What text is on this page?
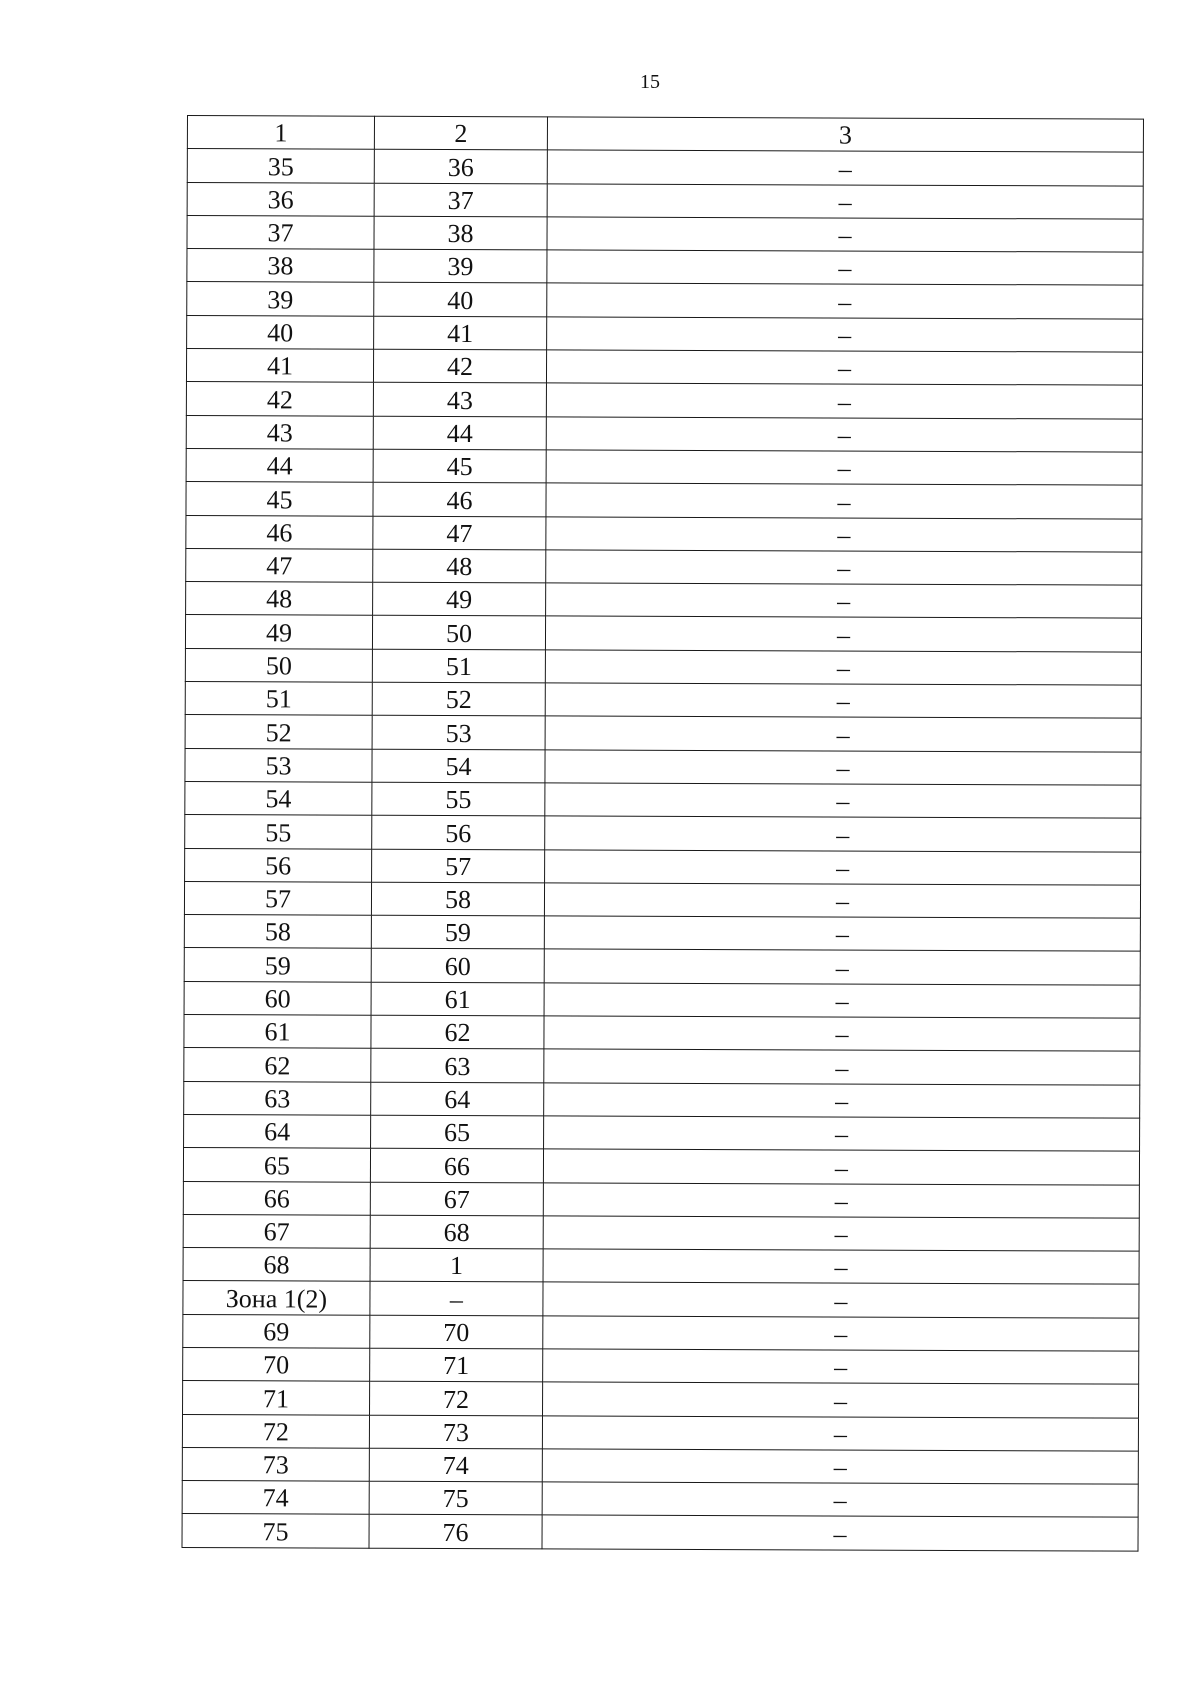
15
1	2	3
35	36	–
36	37	–
37	38	–
38	39	–
39	40	–
40	41	–
41	42	–
42	43	–
43	44	–
44	45	–
45	46	–
46	47	–
47	48	–
48	49	–
49	50	–
50	51	–
51	52	–
52	53	–
53	54	–
54	55	–
55	56	–
56	57	–
57	58	–
58	59	–
59	60	–
60	61	–
61	62	–
62	63	–
63	64	–
64	65	–
65	66	–
66	67	–
67	68	–
68	1	–
Зона 1(2)	–	–
69	70	–
70	71	–
71	72	–
72	73	–
73	74	–
74	75	–
75	76	–
